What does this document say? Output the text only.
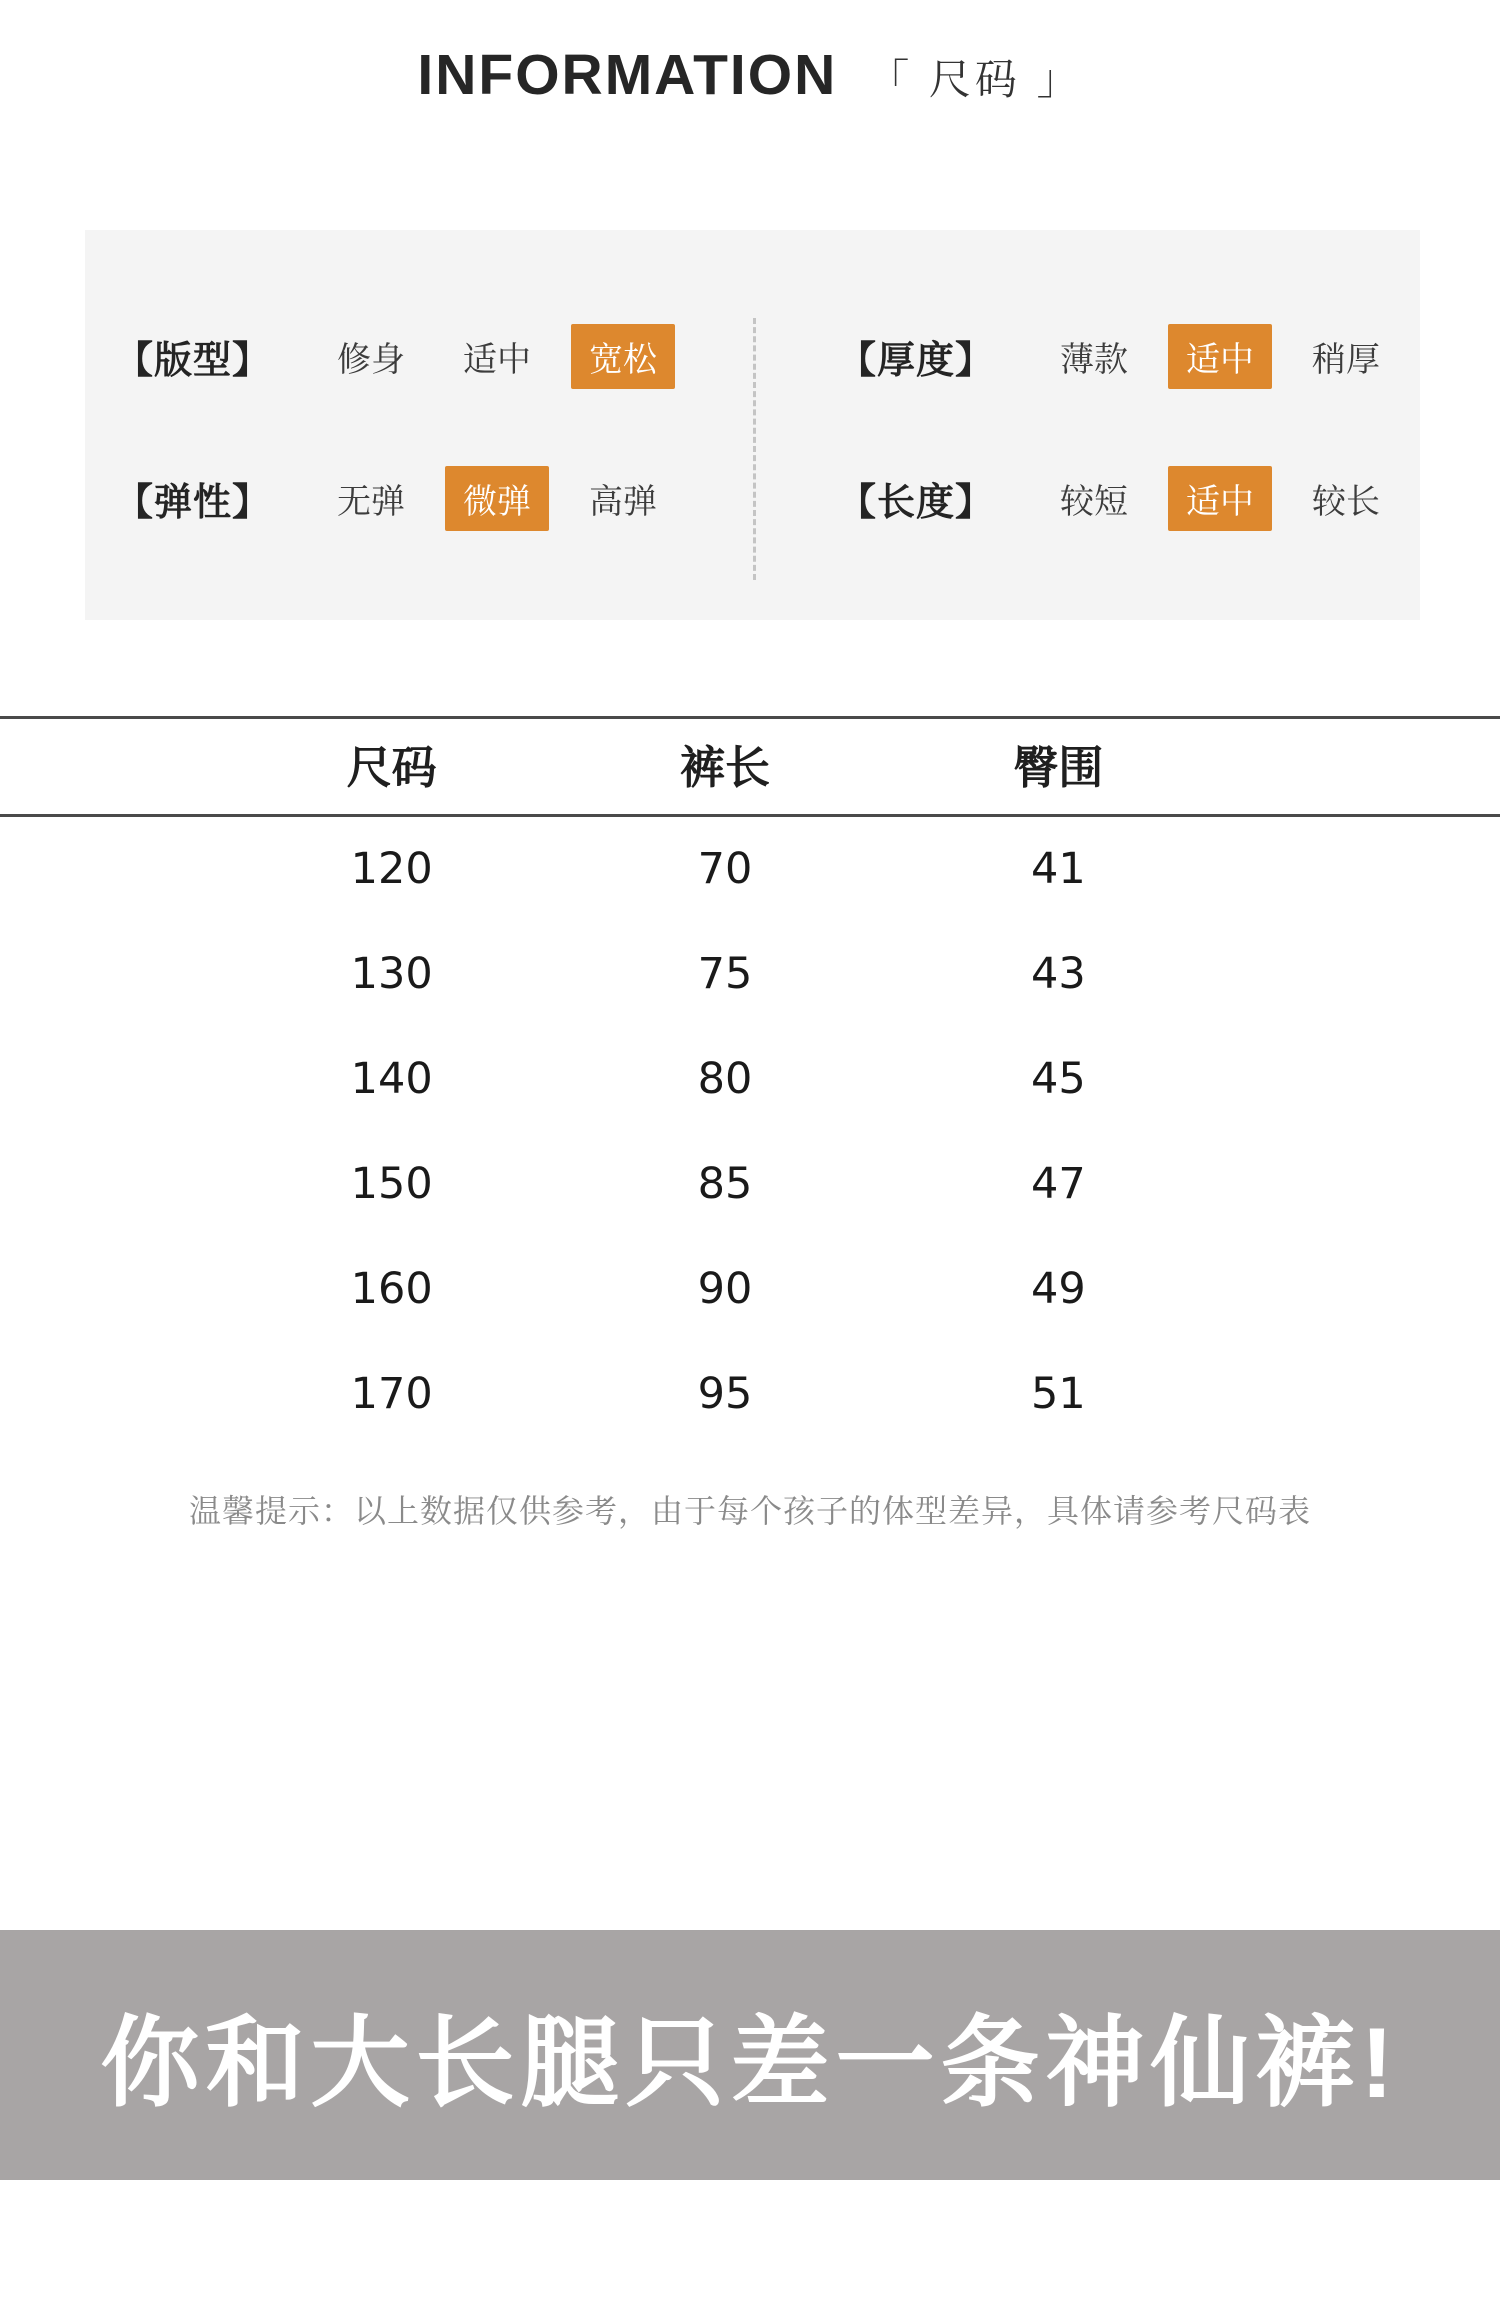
INFORMATION 「 尺码 」
【版型】	修身	适中	宽松	【厚度】	薄款	适中	稍厚
【弹性】	无弹	微弹	高弹	【长度】	较短	适中	较长
尺码	裤长	臀围
120	70	41
130	75	43
140	80	45
150	85	47
160	90	49
170	95	51
温馨提示：以上数据仅供参考，由于每个孩子的体型差异，具体请参考尺码表
你和大长腿只差一条神仙裤!
